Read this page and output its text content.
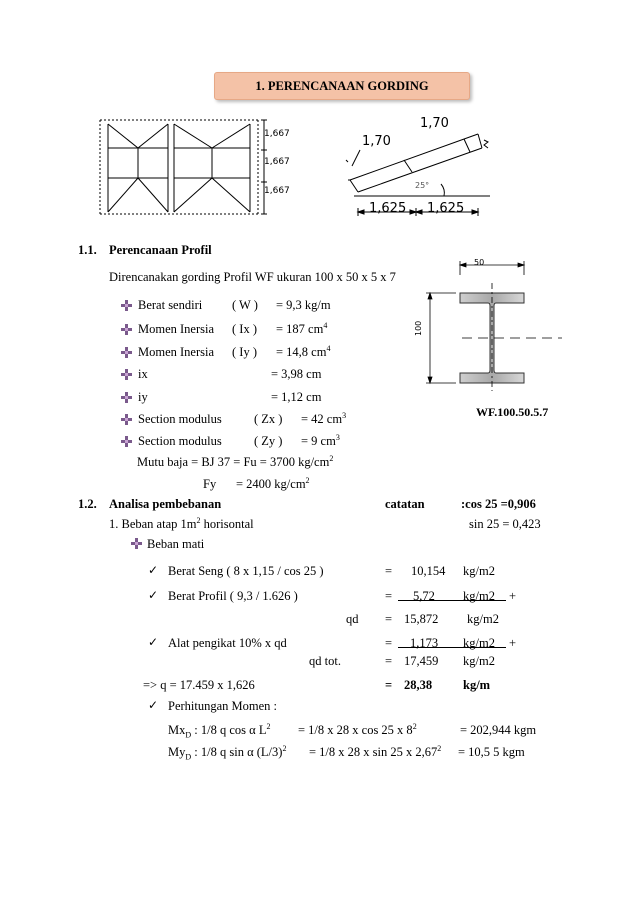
1. PERENCANAAN GORDING
1,667
1,667
1,667
1,70
1,70
25°
1,625 1,625
1.1. Perencanaan Profil
Direncanakan gording Profil WF ukuran 100 x 50 x 5 x 7
Berat sendiri ( W ) = 9,3 kg/m
Momen Inersia ( Ix ) = 187 $cm^4$
Momen Inersia ( Iy ) = 14,8 $cm^4$
ix	= 3,98 cm
iy	= 1,12 cm
Section modulus	( Zx ) = 42 $cm^3$
Section modulus	( Zy ) = 9 $cm^3$
Mutu baja = BJ 37 = Fu = 3700 $kg/cm^2$
Fy = 2400 $kg/cm^2$
50
100
WF.100.50.5.7
1.2. Analisa pembebanan	catatan	:cos 25 =0,906
sin 25 = 0,423
1. Beban atap $1m^2$ horisontal
Beban mati
✓ Berat Seng ( 8 x 1,15 / cos 25 )	= 10,154 kg/m2
✓ Berat Profil ( 9,3 / 1.626 )	= 5,72 kg/m2 +
qd = 15,872 kg/m2
✓ Alat pengikat 10% x qd	= 1,173 kg/m2 +
qd tot.	= 17,459 kg/m2
=> q = 17.459 x 1,626	= 28,38 kg/m
✓ Perhitungan Momen :
$Mx_D$ : 1/8 q cos α $L^2 = 1/8$ x 28 x cos 25 x $8^2$	= 202,944 kgm
$My_D$ : 1/8 q sin α $(L/3)^2 = 1/8$ x 28 x sin 25 x $2,67^2 = 10,5$ 5 kgm
